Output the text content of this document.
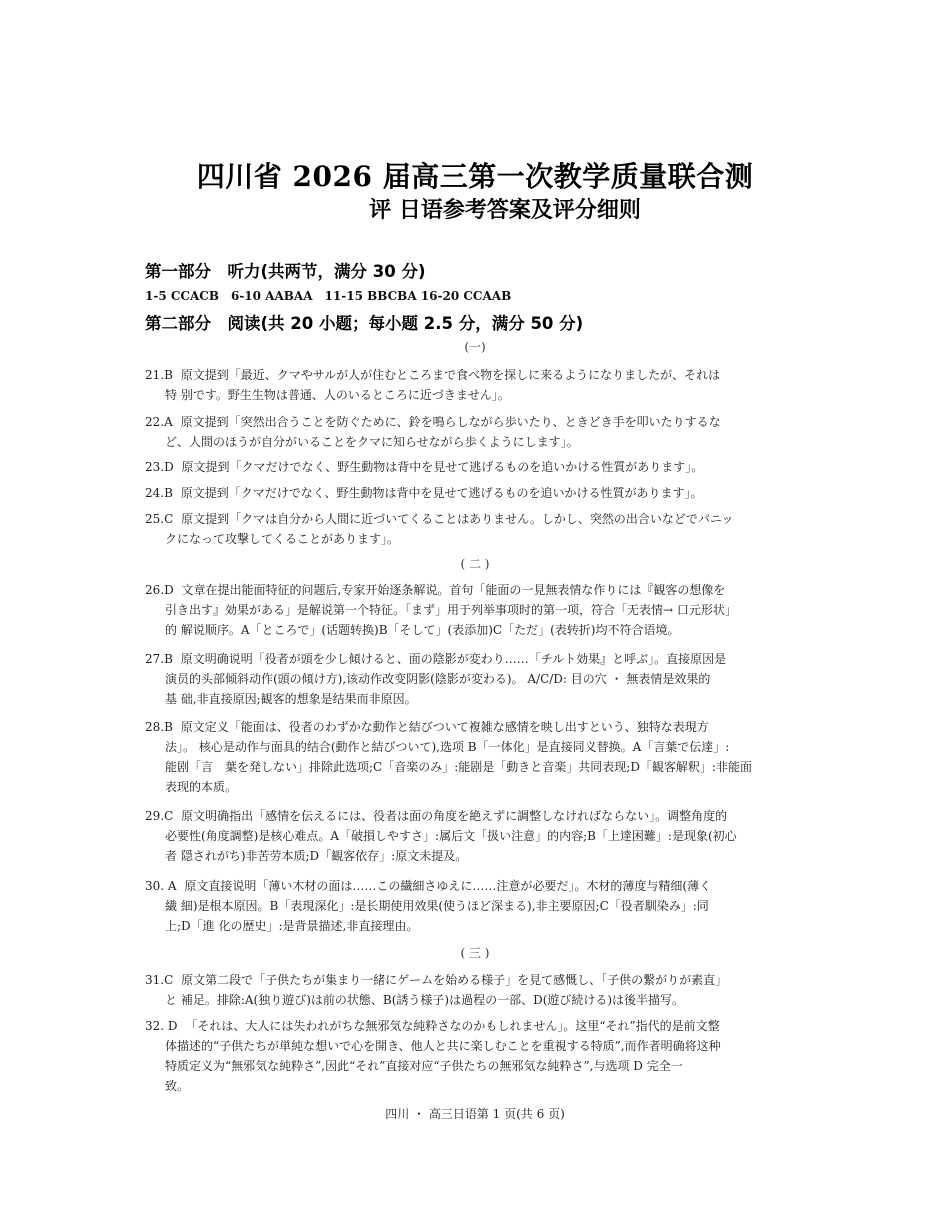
四川省 2026 届高三第一次教学质量联合测
评 日语参考答案及评分细则
第一部分　听力(共两节，满分 30 分)
1-5 CCACB　6-10 AABAA　11-15 BBCBA 16-20 CCAAB
第二部分　阅读(共 20 小题；每小题 2.5 分，满分 50 分)
(一)
21.B 原文提到「最近、クマやサルが人が住むところまで食べ物を探しに来るようになりましたが、それは
特 别です。野生生物は普通、人のいるところに近づきません」。
22.A 原文提到「突然出合うことを防ぐために、鈴を鳴らしながら歩いたり、ときどき手を叩いたりするな
ど、人間のほうが自分がいることをクマに知らせながら歩くようにします」。
23.D 原文提到「クマだけでなく、野生動物は背中を見せて逃げるものを追いかける性質があります」。
24.B 原文提到「クマだけでなく、野生動物は背中を見せて逃げるものを追いかける性質があります」。
25.C 原文提到「クマは自分から人間に近づいてくることはありません。しかし、突然の出合いなどでパニッ
クになって攻撃してくることがあります」。
( 二 )
26.D 文章在提出能面特征的问题后,专家开始逐条解说。首句「能面の一見無表情な作りには『観客の想像を
引き出す』効果がある」是解说第一个特征。「まず」用于列举事项时的第一项，符合「无表情→ 口元形状」
的 解说顺序。A「ところで」(话题转换)B「そして」(表添加)C「ただ」(表转折)均不符合语境。
27.B 原文明确说明「役者が頭を少し傾けると、面の陰影が変わり……「チルト効果』と呼ぶ」。直接原因是
演员的头部倾斜动作(頭の傾け方),该动作改变阴影(陰影が変わる)。 A/C/D: 目の穴 ・ 無表情是效果的
基 础,非直接原因;観客的想象是结果而非原因。
28.B 原文定义「能面は、役者のわずかな動作と結びついて複雑な感情を映し出すという、独特な表現方
法」。 核心是动作与面具的结合(動作と結びついて),选项 B「一体化」是直接同义替换。A「言葉で伝達」:
能剧「言　葉を発しない」排除此选项;C「音楽のみ」:能剧是「動きと音楽」共同表现;D「観客解釈」:非能面
表现的本质。
29.C 原文明确指出「感情を伝えるには、役者は面の角度を絶えずに調整しなければならない」。调整角度的
必要性(角度調整)是核心难点。A「破損しやすさ」:属后文「扱い注意」的内容;B「上達困難」:是现象(初心
者 隠されがち)非苦劳本质;D「観客依存」:原文未提及。
30. A 原文直接说明「薄い木材の面は……この繊細さゆえに……注意が必要だ」。木材的薄度与精细(薄く
繊 細)是根本原因。B「表現深化」:是长期使用效果(使うほど深まる),非主要原因;C「役者馴染み」:同
上;D「進 化の歴史」:是背景描述,非直接理由。
( 三 )
31.C 原文第二段で「子供たちが集まり一緒にゲームを始める様子」を見て感慨し、「子供の繋がりが素直」
と 補足。排除:A(独り遊び)は前の状態、B(誘う様子)は過程の一部、D(遊び続ける)は後半描写。
32. D 「それは、大人には失われがちな無邪気な純粋さなのかもしれません」。这里“それ”指代的是前文整
体描述的“子供たちが単純な想いで心を開き、他人と共に楽しむことを重視する特质”,而作者明确将这种
特质定义为“無邪気な純粋さ”,因此“それ”直接对应“子供たちの無邪気な純粋さ”,与选项 D 完全一
致。
四川 ・ 高三日语第 1 页(共 6 页)
